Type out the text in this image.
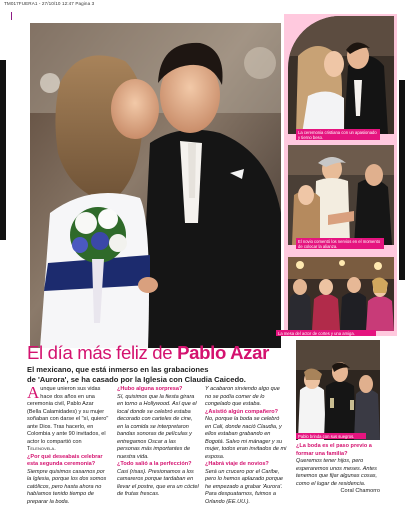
TM017FUERA1 - 27/10/10 12:47 Pagina 3
La ceremonia cristiana con un apasionado y tierno beso.
El novio comentó los nervios en el momento de colocar la alianza.
La mesa del actor de cortes y una amiga.
El día más feliz de Pablo Azar
El mexicano, que está inmerso en las grabaciones
de 'Aurora', se ha casado por la Iglesia con Claudia Caicedo.

Aunque unieron sus vidas hace dos años en una ceremonia civil, Pablo Azar (Bella Calamidades) y su mujer soñaban con darse el "sí, quiero" ante Dios. Tras hacerlo, en Colombia y ante 90 invitados, el actor lo compartió con Telenovela.

¿Por qué deseabais celebrar esta segunda ceremonia?

Siempre quisimos casarnos por la Iglesia, porque los dos somos católicos, pero hasta ahora no habíamos tenido tiempo de preparar la boda.

¿Hubo alguna sorpresa?

Sí, quisimos que la fiesta girara en torno a Hollywood. Así que el local donde se celebró estaba decorado con carteles de cine, en la comida se interpretaron bandas sonoras de películas y entregamos Oscar a las personas más importantes de nuestra vida.

¿Todo salió a la perfección?

Casi (risas). Presionamos a los camareros porque tardaban en llevar el postre, que era un cóctel de frutas frescas.

Y acabaron sirviendo algo que no se podía comer de lo congelado que estaba.

¿Asistió algún compañero?

No, porque la boda se celebró en Cali, donde nació Claudia, y ellos estaban grabando en Bogotá. Salvo mi mánager y su mujer, todos eran invitados de mi esposa.

¿Habrá viaje de novios?

Será un crucero por el Caribe, pero lo hemos aplazado porque he empezado a grabar 'Aurora'. Para despuatarnos, fuimos a Orlando (EE.UU.).

Pablo brinda con sus suegros.

¿La boda es el paso previo a formar una familia?

Queremos tener hijos, pero esperaremos unos meses. Antes tenemos que fijar algunas cosas, como el lugar de residencia.

Coral Chamorro
